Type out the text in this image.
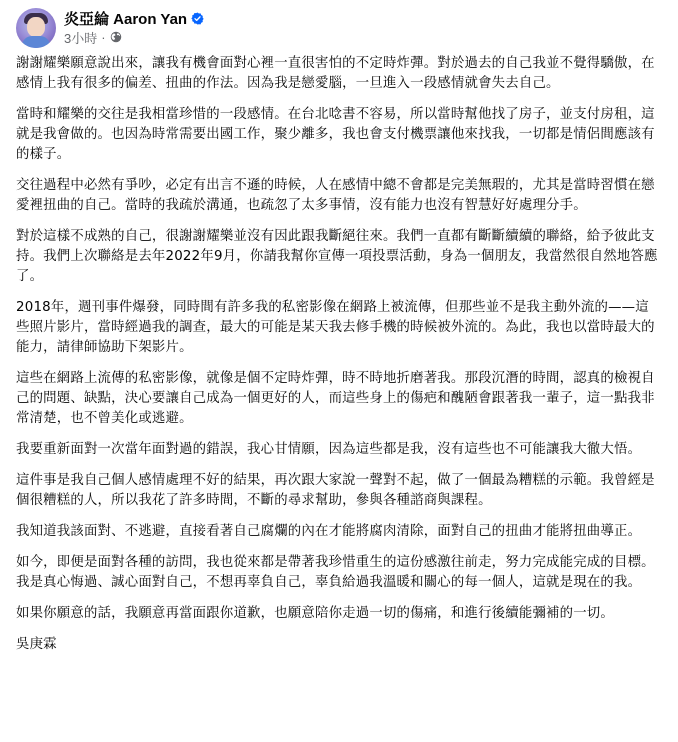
炎亞綸 Aaron Yan
3小時 ·

謝謝耀樂願意說出來，讓我有機會面對心裡一直很害怕的不定時炸彈。對於過去的自己我並不覺得驕傲，在感情上我有很多的偏差、扭曲的作法。因為我是戀愛腦，一旦進入一段感情就會失去自己。

當時和耀樂的交往是我相當珍惜的一段感情。在台北唸書不容易，所以當時幫他找了房子，並支付房租，這就是我會做的。也因為時常需要出國工作，聚少離多，我也會支付機票讓他來找我，一切都是情侶間應該有的樣子。

交往過程中必然有爭吵，必定有出言不遜的時候，人在感情中總不會都是完美無瑕的，尤其是當時習慣在戀愛裡扭曲的自己。當時的我疏於溝通，也疏忽了太多事情，沒有能力也沒有智慧好好處理分手。

對於這樣不成熟的自己，很謝謝耀樂並沒有因此跟我斷絕往來。我們一直都有斷斷續續的聯絡，給予彼此支持。我們上次聯絡是去年2022年9月，你請我幫你宣傳一項投票活動，身為一個朋友，我當然很自然地答應了。

2018年，週刊事件爆發，同時間有許多我的私密影像在網路上被流傳，但那些並不是我主動外流的——這些照片影片，當時經過我的調查，最大的可能是某天我去修手機的時候被外流的。為此，我也以當時最大的能力，請律師協助下架影片。

這些在網路上流傳的私密影像，就像是個不定時炸彈，時不時地折磨著我。那段沉潛的時間，認真的檢視自己的問題、缺點，決心要讓自己成為一個更好的人，而這些身上的傷疤和醜陋會跟著我一輩子，這一點我非常清楚，也不曾美化或逃避。

我要重新面對一次當年面對過的錯誤，我心甘情願，因為這些都是我，沒有這些也不可能讓我大徹大悟。

這件事是我自己個人感情處理不好的結果，再次跟大家說一聲對不起，做了一個最為糟糕的示範。我曾經是個很糟糕的人，所以我花了許多時間，不斷的尋求幫助，參與各種諮商與課程。

我知道我該面對、不逃避，直接看著自己腐爛的內在才能將腐肉清除，面對自己的扭曲才能將扭曲導正。

如今，即便是面對各種的訪問，我也從來都是帶著我珍惜重生的這份感激往前走，努力完成能完成的目標。我是真心悔過、誠心面對自己，不想再辜負自己，辜負給過我溫暖和關心的每一個人，這就是現在的我。

如果你願意的話，我願意再當面跟你道歉，也願意陪你走過一切的傷痛，和進行後續能彌補的一切。

吳庚霖
